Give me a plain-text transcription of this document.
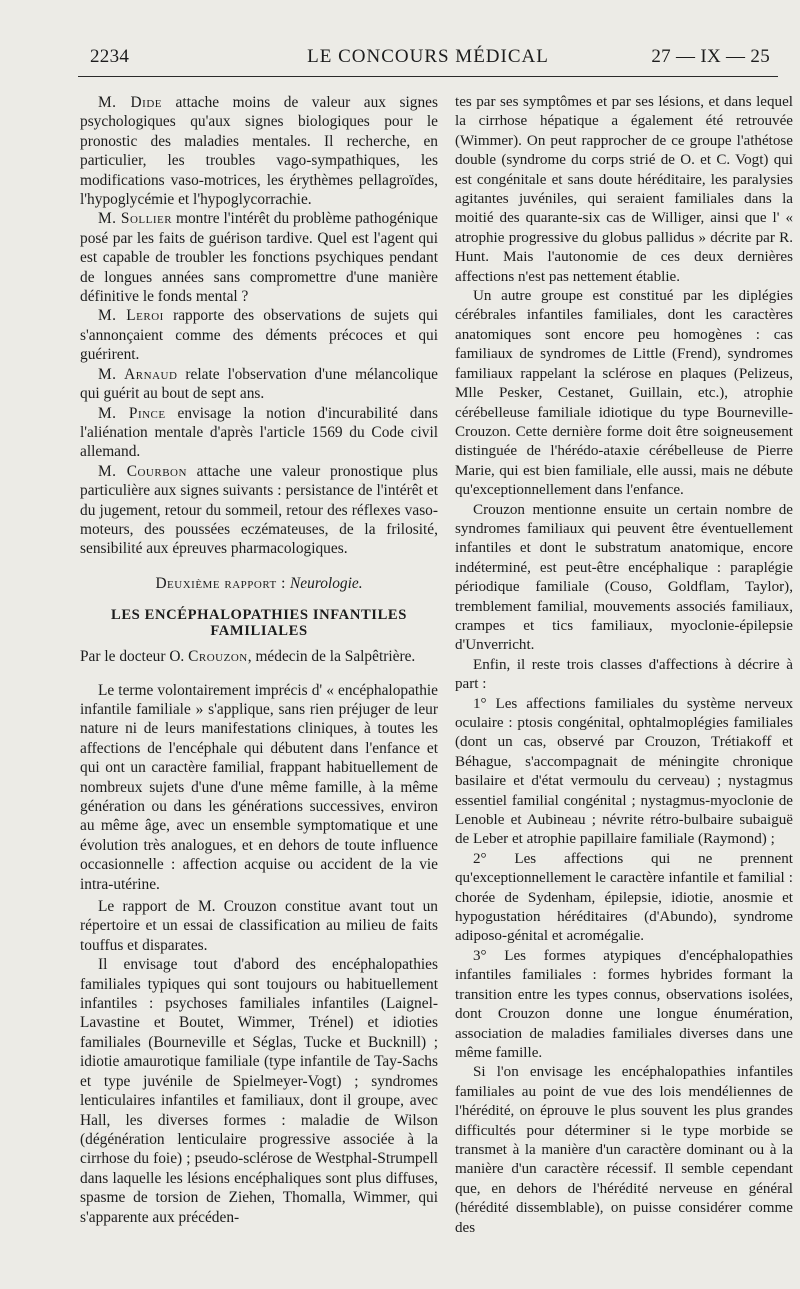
2234	LE CONCOURS MÉDICAL	27 — IX — 25

M. Dide attache moins de valeur aux signes psychologiques qu'aux signes biologiques pour le pronostic des maladies mentales. Il recherche, en particulier, les troubles vago-sympathiques, les modifications vaso-motrices, les érythèmes pellagroïdes, l'hypoglycémie et l'hypoglycorrachie.

M. Sollier montre l'intérêt du problème pathogénique posé par les faits de guérison tardive. Quel est l'agent qui est capable de troubler les fonctions psychiques pendant de longues années sans compromettre d'une manière définitive le fonds mental ?

M. Leroi rapporte des observations de sujets qui s'annonçaient comme des déments précoces et qui guérirent.

M. Arnaud relate l'observation d'une mélancolique qui guérit au bout de sept ans.

M. Pince envisage la notion d'incurabilité dans l'aliénation mentale d'après l'article 1569 du Code civil allemand.

M. Courbon attache une valeur pronostique plus particulière aux signes suivants : persistance de l'intérêt et du jugement, retour du sommeil, retour des réflexes vaso-moteurs, des poussées eczémateuses, de la frilosité, sensibilité aux épreuves pharmacologiques.

Deuxième rapport : Neurologie.

LES ENCÉPHALOPATHIES INFANTILES FAMILIALES

Par le docteur O. Crouzon, médecin de la Salpêtrière.

Le terme volontairement imprécis d' « encéphalopathie infantile familiale » s'applique, sans rien préjuger de leur nature ni de leurs manifestations cliniques, à toutes les affections de l'encéphale qui débutent dans l'enfance et qui ont un caractère familial, frappant habituellement de nombreux sujets d'une d'une même famille, à la même génération ou dans les générations successives, environ au même âge, avec un ensemble symptomatique et une évolution très analogues, et en dehors de toute influence occasionnelle : affection acquise ou accident de la vie intra-utérine.

Le rapport de M. Crouzon constitue avant tout un répertoire et un essai de classification au milieu de faits touffus et disparates.

Il envisage tout d'abord des encéphalopathies familiales typiques qui sont toujours ou habituellement infantiles : psychoses familiales infantiles (Laignel-Lavastine et Boutet, Wimmer, Trénel) et idioties familiales (Bourneville et Séglas, Tucke et Bucknill) ; idiotie amaurotique familiale (type infantile de Tay-Sachs et type juvénile de Spielmeyer-Vogt) ; syndromes lenticulaires infantiles et familiaux, dont il groupe, avec Hall, les diverses formes : maladie de Wilson (dégénération lenticulaire progressive associée à la cirrhose du foie) ; pseudo-sclérose de Westphal-Strumpell dans laquelle les lésions encéphaliques sont plus diffuses, spasme de torsion de Ziehen, Thomalla, Wimmer, qui s'apparente aux précéden-

tes par ses symptômes et par ses lésions, et dans lequel la cirrhose hépatique a également été retrouvée (Wimmer). On peut rapprocher de ce groupe l'athétose double (syndrome du corps strié de O. et C. Vogt) qui est congénitale et sans doute héréditaire, les paralysies agitantes juvéniles, qui seraient familiales dans la moitié des quarante-six cas de Williger, ainsi que l' « atrophie progressive du globus pallidus » décrite par R. Hunt. Mais l'autonomie de ces deux dernières affections n'est pas nettement établie.

Un autre groupe est constitué par les diplégies cérébrales infantiles familiales, dont les caractères anatomiques sont encore peu homogènes : cas familiaux de syndromes de Little (Frend), syndromes familiaux rappelant la sclérose en plaques (Pelizeus, Mlle Pesker, Cestanet, Guillain, etc.), atrophie cérébelleuse familiale idiotique du type Bourneville-Crouzon. Cette dernière forme doit être soigneusement distinguée de l'hérédo-ataxie cérébelleuse de Pierre Marie, qui est bien familiale, elle aussi, mais ne débute qu'exceptionnellement dans l'enfance.

Crouzon mentionne ensuite un certain nombre de syndromes familiaux qui peuvent être éventuellement infantiles et dont le substratum anatomique, encore indéterminé, est peut-être encéphalique : paraplégie périodique familiale (Couso, Goldflam, Taylor), tremblement familial, mouvements associés familiaux, crampes et tics familiaux, myoclonie-épilepsie d'Unverricht.

Enfin, il reste trois classes d'affections à décrire à part :

1° Les affections familiales du système nerveux oculaire : ptosis congénital, ophtalmoplégies familiales (dont un cas, observé par Crouzon, Trétiakoff et Béhague, s'accompagnait de méningite chronique basilaire et d'état vermoulu du cerveau) ; nystagmus essentiel familial congénital ; nystagmus-myoclonie de Lenoble et Aubineau ; névrite rétro-bulbaire subaiguë de Leber et atrophie papillaire familiale (Raymond) ;

2° Les affections qui ne prennent qu'exceptionnellement le caractère infantile et familial : chorée de Sydenham, épilepsie, idiotie, anosmie et hypogustation héréditaires (d'Abundo), syndrome adiposo-génital et acromégalie.

3° Les formes atypiques d'encéphalopathies infantiles familiales : formes hybrides formant la transition entre les types connus, observations isolées, dont Crouzon donne une longue énumération, association de maladies familiales diverses dans une même famille.

Si l'on envisage les encéphalopathies infantiles familiales au point de vue des lois mendéliennes de l'hérédité, on éprouve le plus souvent les plus grandes difficultés pour déterminer si le type morbide se transmet à la manière d'un caractère dominant ou à la manière d'un caractère récessif. Il semble cependant que, en dehors de l'hérédité nerveuse en général (hérédité dissemblable), on puisse considérer comme des
